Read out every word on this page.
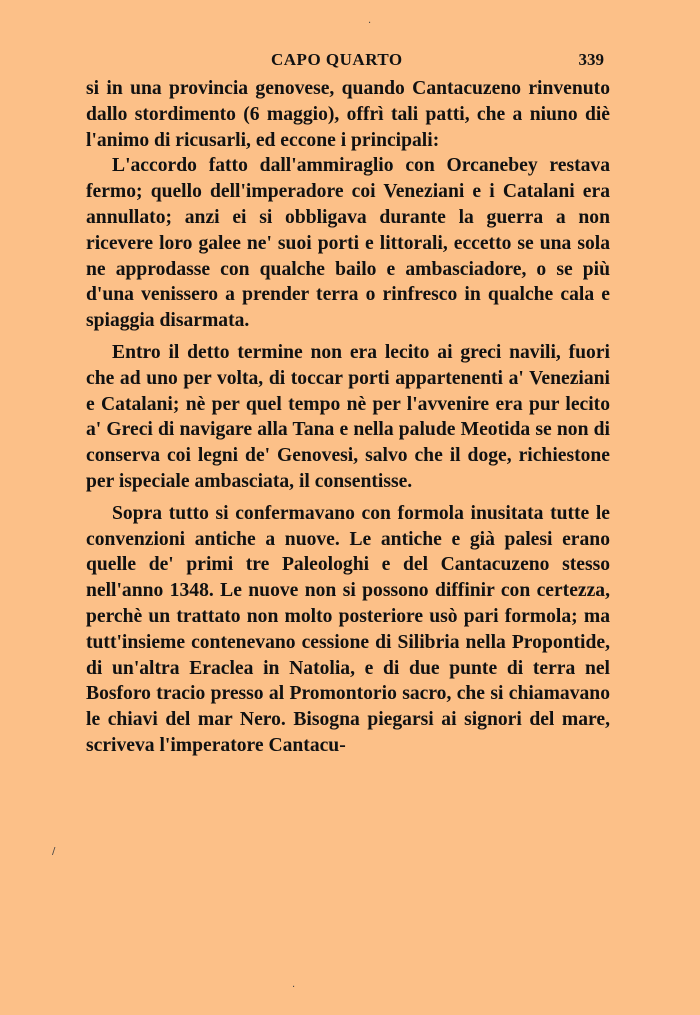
·
/
·
CAPO QUARTO	339

si in una provincia genovese, quando Cantacuzeno rinvenuto dallo stordimento (6 maggio), offrì tali patti, che a niuno diè l'animo di ricusarli, ed eccone i principali:

L'accordo fatto dall'ammiraglio con Orcanebey restava fermo; quello dell'imperadore coi Veneziani e i Catalani era annullato; anzi ei si obbligava durante la guerra a non ricevere loro galee ne' suoi porti e littorali, eccetto se una sola ne approdasse con qualche bailo e ambasciadore, o se più d'una venissero a prender terra o rinfresco in qualche cala e spiaggia disarmata.

Entro il detto termine non era lecito ai greci navili, fuori che ad uno per volta, di toccar porti appartenenti a' Veneziani e Catalani; nè per quel tempo nè per l'avvenire era pur lecito a' Greci di navigare alla Tana e nella palude Meotida se non di conserva coi legni de' Genovesi, salvo che il doge, richiestone per ispeciale ambasciata, il consentisse.

Sopra tutto si confermavano con formola inusitata tutte le convenzioni antiche a nuove. Le antiche e già palesi erano quelle de' primi tre Paleologhi e del Cantacuzeno stesso nell'anno 1348. Le nuove non si possono diffinir con certezza, perchè un trattato non molto posteriore usò pari formola; ma tutt'insieme contenevano cessione di Silibria nella Propontide, di un'altra Eraclea in Natolia, e di due punte di terra nel Bosforo tracio presso al Promontorio sacro, che si chiamavano le chiavi del mar Nero. Bisogna piegarsi ai signori del mare, scriveva l'imperatore Cantacu-
